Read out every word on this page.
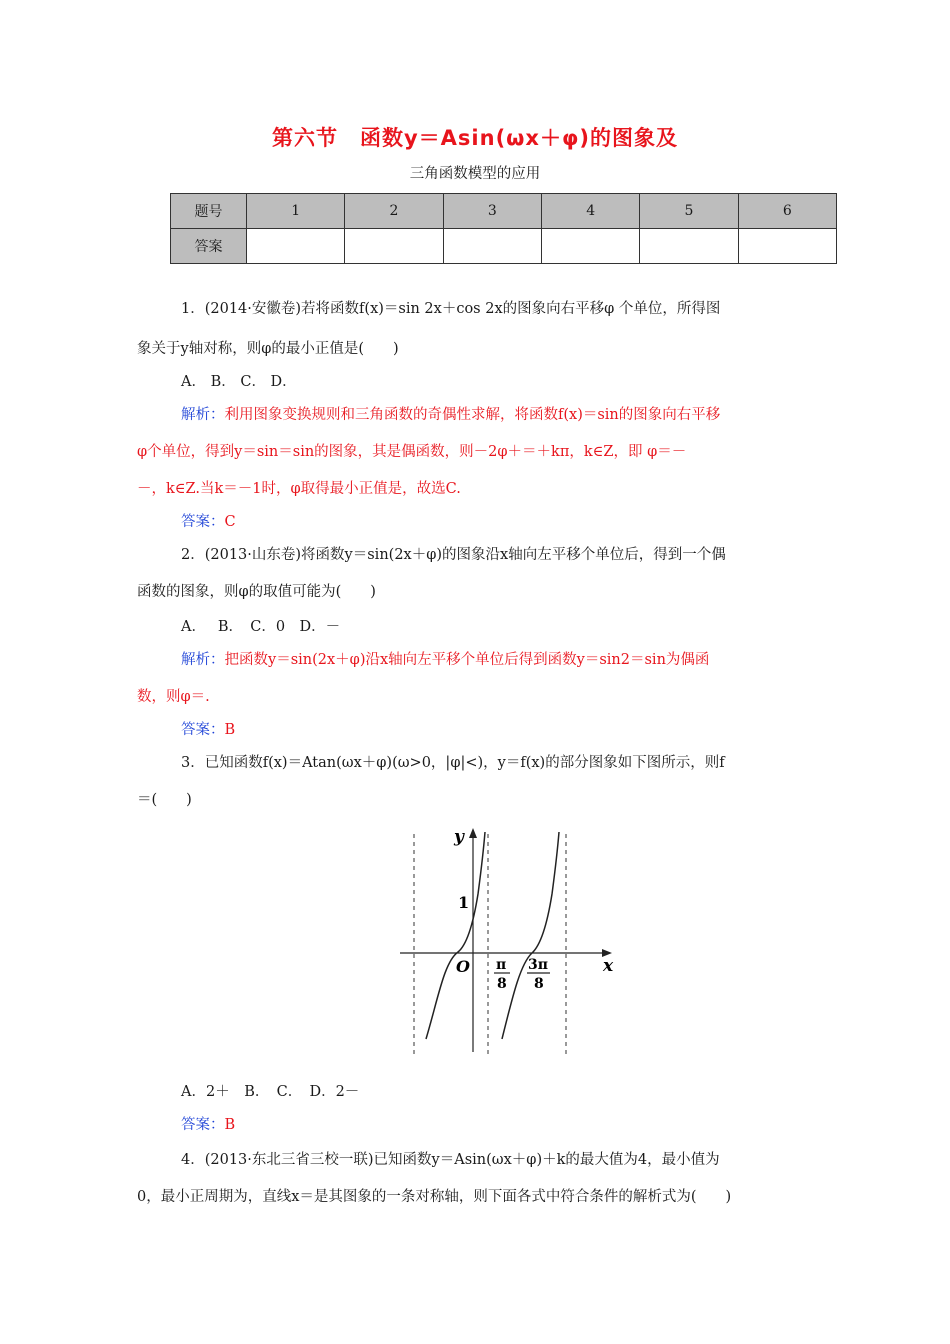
第六节　函数y＝Asin(ωx＋φ)的图象及
三角函数模型的应用
题号	1	2	3	4	5	6
答案						
1．(2014·安徽卷)若将函数f(x)＝sin 2x＋cos 2x的图象向右平移φ 个单位，所得图
象关于y轴对称，则φ的最小正值是(　　)
A． B． C． D．
解析：利用图象变换规则和三角函数的奇偶性求解，将函数f(x)＝sin的图象向右平移
φ个单位，得到y＝sin＝sin的图象，其是偶函数，则－2φ＋＝＋kπ，k∈Z，即 φ＝－
－，k∈Z.当k＝－1时，φ取得最小正值是，故选C.
答案：C
2．(2013·山东卷)将函数y＝sin(2x＋φ)的图象沿x轴向左平移个单位后，得到一个偶
函数的图象，则φ的取值可能为(　　)
A．　 B．　C．0　D．－
解析：把函数y＝sin(2x＋φ)沿x轴向左平移个单位后得到函数y＝sin2＝sin为偶函
数，则φ＝.
答案：B
3．已知函数f(x)＝Atan(ωx＋φ)(ω>0，|φ|<)，y＝f(x)的部分图象如下图所示，则f
＝(　　)
y
x
O
1
π
8
3π
8
A．2＋　B．　C．　D．2－
答案：B
4．(2013·东北三省三校一联)已知函数y＝Asin(ωx＋φ)＋k的最大值为4，最小值为
0，最小正周期为，直线x＝是其图象的一条对称轴，则下面各式中符合条件的解析式为(　　)
